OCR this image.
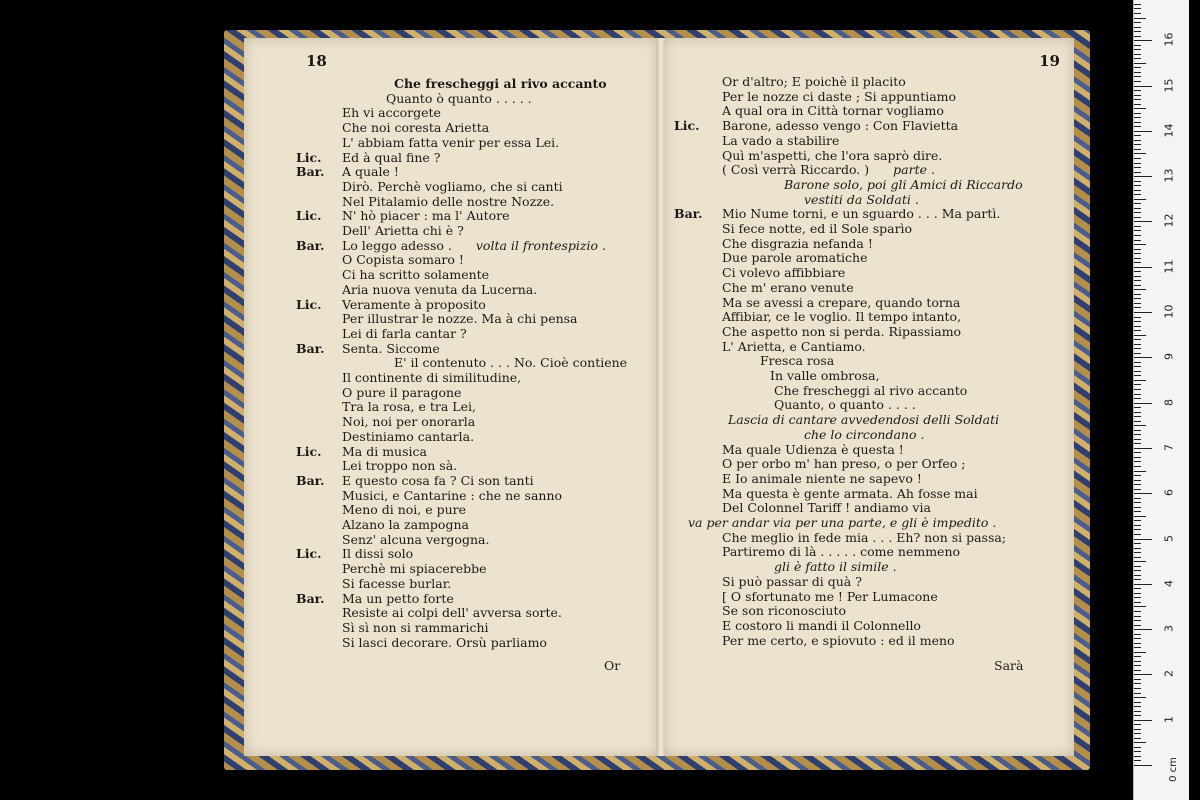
18

Che frescheggi al rivo accanto

Quanto ò quanto . . . . .

Eh vi accorgete

Che noi coresta Arietta

L' abbiam fatta venir per essa Lei.

Lic. Ed à qual fine ?

Bar. A quale !

Dirò. Perchè vogliamo, che si canti

Nel Pitalamio delle nostre Nozze.

Lic. N' hò piacer : ma l' Autore

Dell' Arietta chi è ?

Bar. Lo leggo adesso . volta il frontespizio .

O Copista somaro !

Ci ha scritto solamente

Aria nuova venuta da Lucerna.

Lic. Veramente à proposito

Per illustrar le nozze. Ma à chi pensa

Lei di farla cantar ?

Bar. Senta. Siccome

E' il contenuto . . . No. Cioè contiene

Il continente di similitudine,

O pure il paragone

Tra la rosa, e tra Lei,

Noi, noi per onorarla

Destiniamo cantarla.

Lic. Ma di musica

Lei troppo non sà.

Bar. E questo cosa fa ? Ci son tanti

Musici, e Cantarine : che ne sanno

Meno di noi, e pure

Alzano la zampogna

Senz' alcuna vergogna.

Lic. Il dissi solo

Perchè mi spiacerebbe

Si facesse burlar.

Bar. Ma un petto forte

Resiste ai colpi dell' avversa sorte.

Sì sì non si rammarichi

Si lasci decorare. Orsù parliamo

Or
19

Or d'altro; E poichè il placito

Per le nozze ci daste ; Si appuntiamo

A qual ora in Città tornar vogliamo

Lic. Barone, adesso vengo : Con Flavietta

La vado a stabilire

Quì m'aspetti, che l'ora saprò dire.

( Così verrà Riccardo. ) parte .

Barone solo, poi gli Amici di Riccardo

vestiti da Soldati .

Bar. Mio Nume torni, e un sguardo . . . Ma partì.

Si fece notte, ed il Sole sparìo

Che disgrazia nefanda !

Due parole aromatiche

Ci volevo affibbiare

Che m' erano venute

Ma se avessi a crepare, quando torna

Affibiar, ce le voglio. Il tempo intanto,

Che aspetto non si perda. Ripassiamo

L' Arietta, e Cantiamo.

Fresca rosa

In valle ombrosa,

Che frescheggi al rivo accanto

Quanto, o quanto . . . .

Lascia di cantare avvedendosi delli Soldati

che lo circondano .

Ma quale Udienza è questa !

O per orbo m' han preso, o per Orfeo ;

E Io animale niente ne sapevo !

Ma questa è gente armata. Ah fosse mai

Del Colonnel Tariff ! andiamo via

va per andar via per una parte, e gli è impedito .

Che meglio in fede mia . . . Eh? non si passa;

Partiremo di là . . . . . come nemmeno

gli è fatto il simile .

Si può passar di quà ?

[ O sfortunato me ! Per Lumacone

Se son riconosciuto

E costoro li mandi il Colonnello

Per me certo, e spiovuto : ed il meno

Sarà
1
2
3
4
5
6
7
8
9
10
11
12
13
14
15
16
0 cm
